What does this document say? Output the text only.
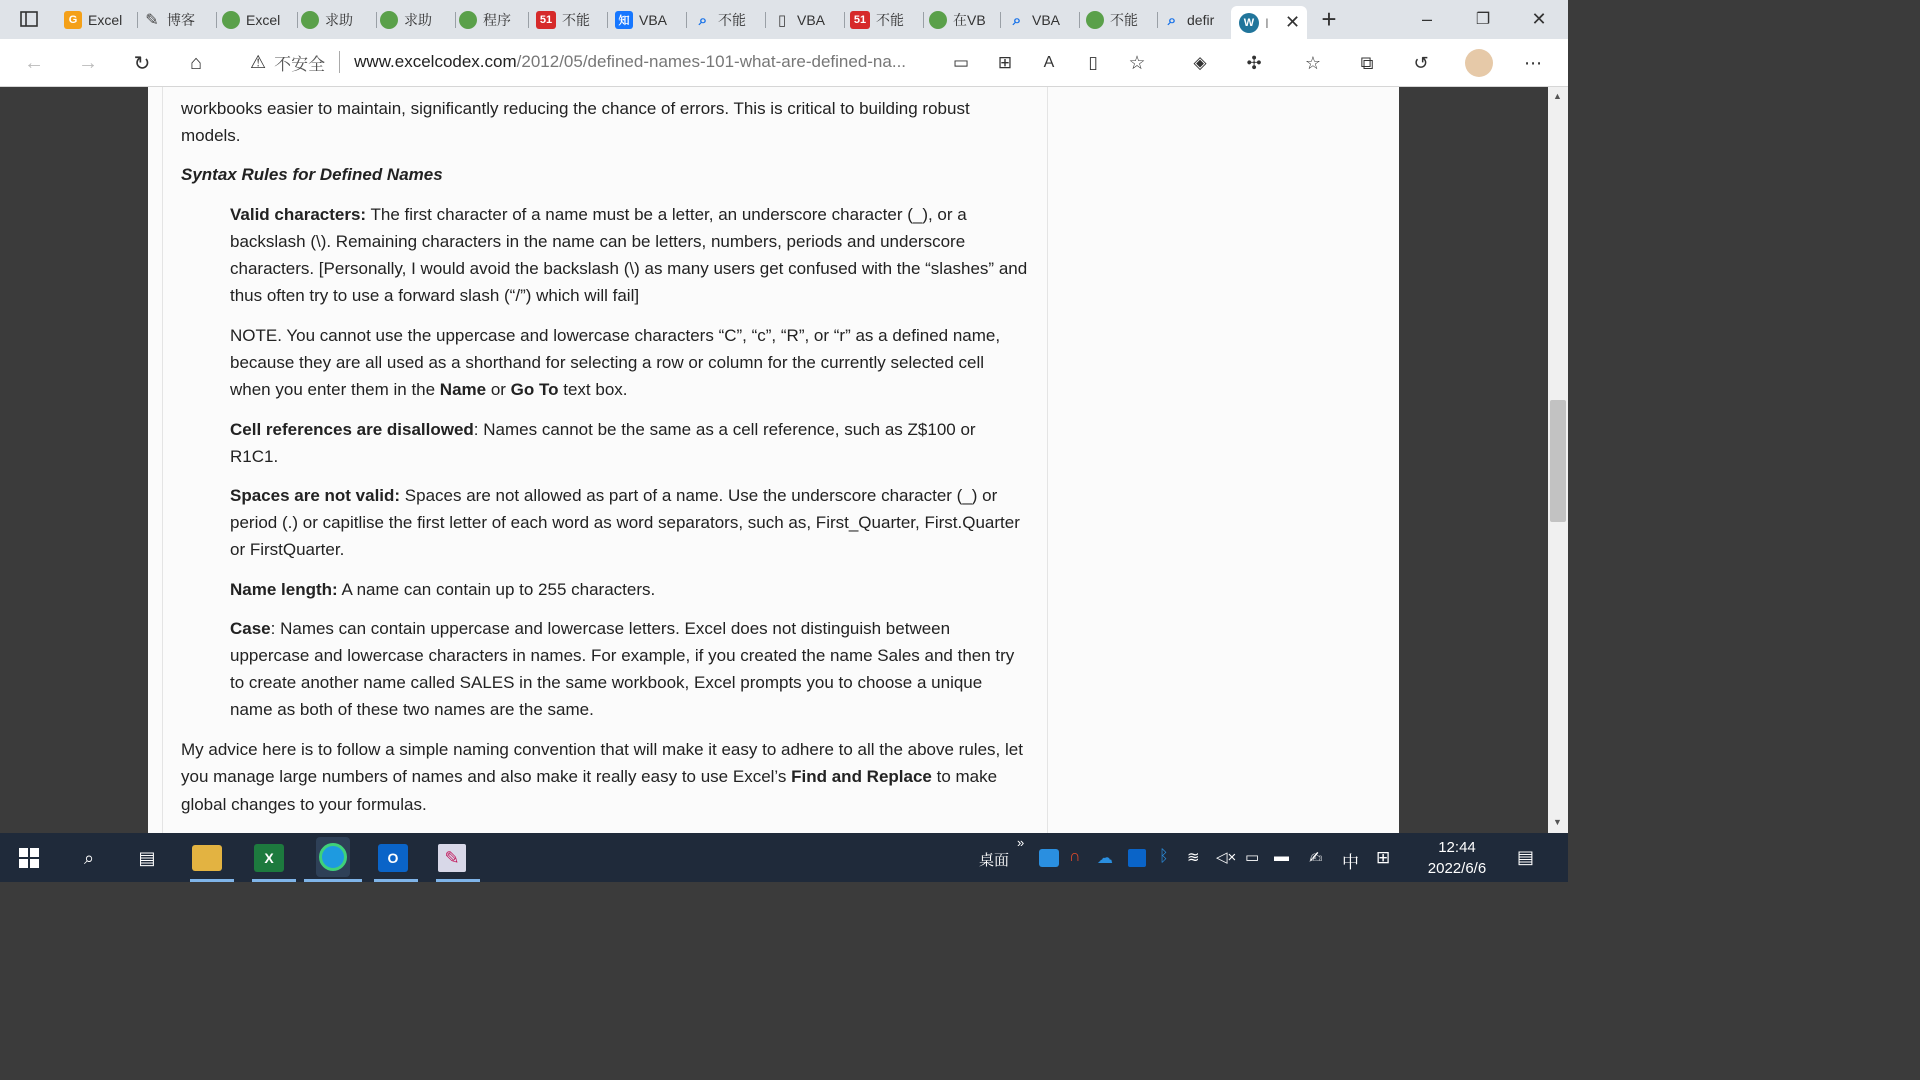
G Excel ✎ 博客	Excel	求助	求助	程序	51 不能	知 VBA	⌕ 不能	▯ VBA	51 不能	在VB	⌕ VBA	不能	⌕ defir	W I ✕ +	–	❐	✕
← → ↻	⌂	⚠ 不安全 www.excelcodex.com /2012/05/defined-names-101-what-are-defined-na...	▭	⊞	A	▯	☆	◈	✣	☆	⧉	↺	⋯
workbooks easier to maintain, significantly reducing the chance of errors. This is critical to building robust
models.
Syntax Rules for Defined Names
Valid characters: The first character of a name must be a letter, an underscore character (_), or a
backslash (\). Remaining characters in the name can be letters, numbers, periods and underscore
characters. [Personally, I would avoid the backslash (\) as many users get confused with the “slashes” and
thus often try to use a forward slash (“/”) which will fail]
NOTE. You cannot use the uppercase and lowercase characters “C”, “c”, “R”, or “r” as a defined name,
because they are all used as a shorthand for selecting a row or column for the currently selected cell
when you enter them in the Name or Go To text box.
Cell references are disallowed: Names cannot be the same as a cell reference, such as Z$100 or
R1C1.
Spaces are not valid: Spaces are not allowed as part of a name. Use the underscore character (_) or
period (.) or capitlise the first letter of each word as word separators, such as, First_Quarter, First.Quarter
or FirstQuarter.
Name length: A name can contain up to 255 characters.
Case: Names can contain uppercase and lowercase letters. Excel does not distinguish between
uppercase and lowercase characters in names. For example, if you created the name Sales and then try
to create another name called SALES in the same workbook, Excel prompts you to choose a unique
name as both of these two names are the same.
My advice here is to follow a simple naming convention that will make it easy to adhere to all the above rules, let
you manage large numbers of names and also make it really easy to use Excel’s Find and Replace to make
global changes to your formulas.
▲
▼
⌕	▤	X	O	✎	桌面
»
∩ ☁	ᛒ ≋ ◁× ▭ ▬ ✍ 中 ⊞
12:44
2022/6/6
▤
